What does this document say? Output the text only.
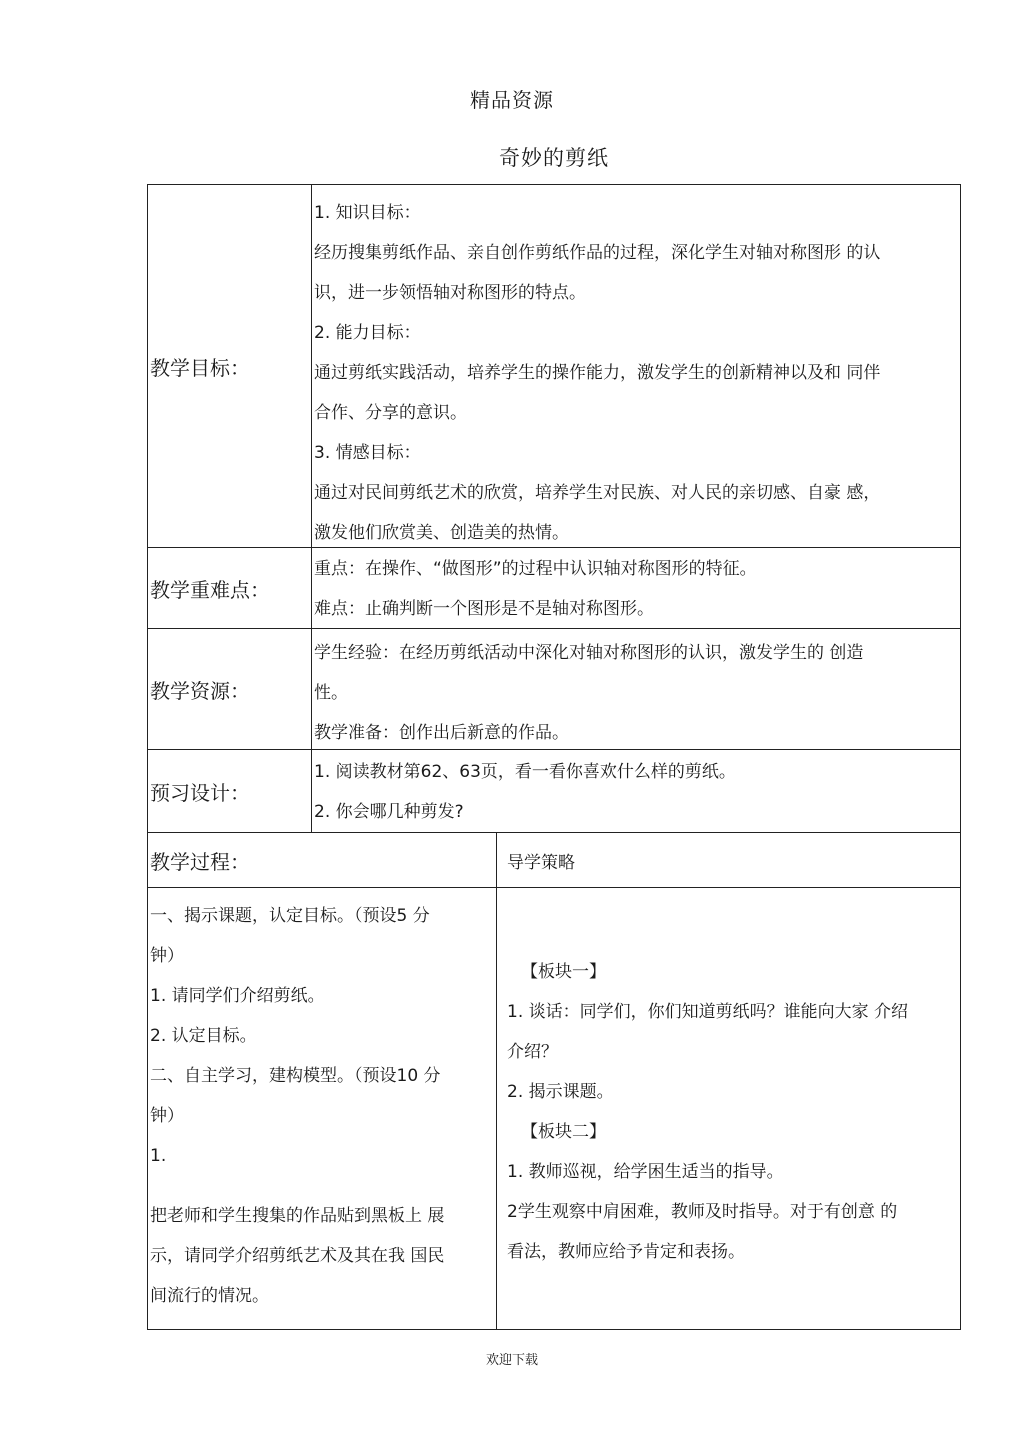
精品资源
奇妙的剪纸
教学目标：

1. 知识目标：

经历搜集剪纸作品、亲自创作剪纸作品的过程，深化学生对轴对称图形 的认

识，进一步领悟轴对称图形的特点。

2. 能力目标：

通过剪纸实践活动，培养学生的操作能力，激发学生的创新精神以及和 同伴

合作、分享的意识。

3. 情感目标：

通过对民间剪纸艺术的欣赏，培养学生对民族、对人民的亲切感、自豪 感，

激发他们欣赏美、创造美的热情。

教学重难点：

重点：在操作、“做图形”的过程中认识轴对称图形的特征。

难点：止确判断一个图形是不是轴对称图形。

教学资源：

学生经验：在经历剪纸活动中深化对轴对称图形的认识，激发学生的 创造

性。

教学准备：创作出后新意的作品。

预习设计：

1. 阅读教材第62、63页，看一看你喜欢什么样的剪纸。

2. 你会哪几种剪发?

教学过程：	导学策略

一、揭示课题，认定目标。（预设5 分

钟）

1. 请同学们介绍剪纸。

2. 认定目标。

二、自主学习，建构模型。（预设10 分

钟）

1.

把老师和学生搜集的作品贴到黑板上 展

示，请同学介绍剪纸艺术及其在我 国民

间流行的情况。

【板块一】

1. 谈话：同学们，你们知道剪纸吗？谁能向大家 介绍

介绍？

2. 揭示课题。

【板块二】

1. 教师巡视，给学困生适当的指导。

2学生观察中肩困难，教师及时指导。对于有创意 的

看法，教师应给予肯定和表扬。

欢迎下载
